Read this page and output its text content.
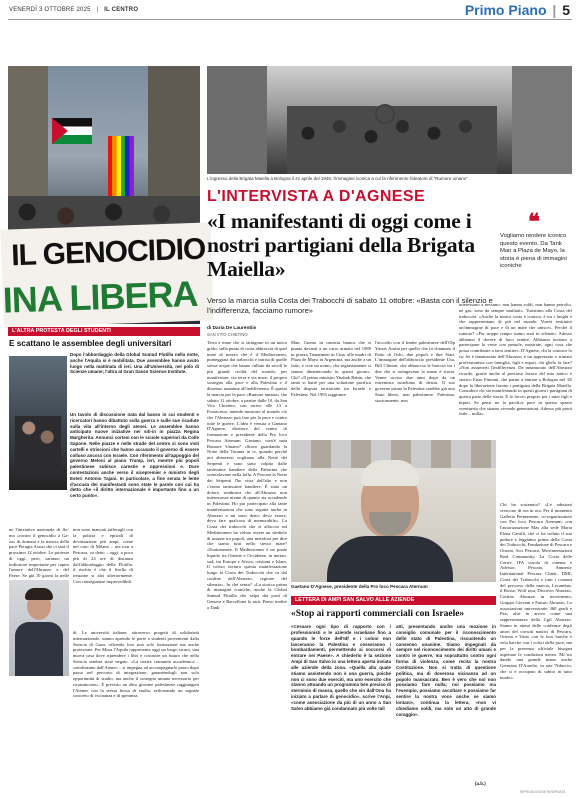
VENERDÌ 3 OTTOBRE 2025 | IL CENTRO	Primo Piano | 5
IL GENOCIDIO
INA LIBERA
L'ALTRA PROTESTA DEGLI STUDENTI
E scattano le assemblee degli universitari
Dopo l'abbordaggio della Global Sumud Flotilla nella notte, anche l'Aquila si è mobilitata. Due assemblee hanno avuto luogo nella mattinata di ieri. Una all'Università, nel polo di Scienze umane; l'altra al Gran Sasso Science Institute.
Un tavolo di discussione nata dal basso in cui studenti e ricercatori hanno dibattuto sulla guerra e sulle sue ricadute sulla vita all'interno degli atenei. Le assemblee hanno anticipato nuove iniziative nei siti-in in piazza Regina Margherita. Annunci cortesi con le scuole superiori da Colle Sapone. Nelle piazze e nelle strade del centro si sono visti cartelli e striscioni che hanno accusato il governo di essere colluso ancora con Israele. Con riferimento all'appoggio del governo Meloni al piano Trump, ieri, mentre più popoli palestinese subisce carestie e oppressioni e. Dure contestazioni anche verso il vicepremier e ministro degli Esteri Antonio Tajani. In particolare, a fine serata le lente d'accusa dei manifestanti sono state le parole con cui ha detto che «il diritto internazionale è importante fino a un certo punto».
ne l'iniziativa nazionale di flo-ma «contro il genocidio a Ga-za» di domani e la marcia della pace Perugia Assisi che ci sarà il prossimo 12 ottobre. Le proteste di oggi, però, saranno un indicatore importante per capire l'umore dell'Abruzzo e del Paese. Se già 10 giorni fa nelle
non sono mancati tafferugli con la polizia e episodi di devastazione più ampi, come nel caso di Milano – ma non a Pescara, va detto – oggi, a poco più di 24 ore di distanza dall'abbordaggio della Flotilla, il rischio è che il livello di tensione si alzi ulteriormente. Con conseguenze imprevedibili.
di. Le università italiane, attraverso progetti di solidarietà internazionale, stanno aprendo le porte a studenti provenienti dalla Striscia di Gaza, offrendo loro non solo formazione ma anche protezione. Per Mosa l'Aquila rappresenta oggi un luogo sicuro, una nuova casa dove riprendere i libri e costruire un futuro che nella Striscia sembra stato negato. «La nostra comunità accademica – sottolineano dall'Ateneo – si impegna ad accompagnarlo passo dopo passo nel percorso di integrazione, garantendogli non solo opportunità di studio, ma anche il sostegno umano necessario per ricominciare». È previsto un altro giovane palestinese raggiungerà l'Ateneo con la stessa borsa di studio, rafforzando un segnale concreto di vicinanza e di speranza.
L'ingresso della Brigata Maiella a Bologna il 21 aprile del 1945: l'immagine iconica a cui fa riferimento l'ideatore di "Rumore umano"
L'INTERVISTA A D'AGNESE
«I manifestanti di oggi come i nostri partigiani della Brigata Maiella»
❝
Vogliamo rendere iconico questo evento. Da Tank Man a Plaza de Mayo, la storia è piena di immagini iconiche
Verso la marcia sulla Costa dei Trabocchi di sabato 11 ottobre: «Basta con il silenzio e l'indifferenza, facciamo rumore»
di Daria De Laurentiis
SAN VITO CHIETINO
Terra e mare che si stringono in un unico grido, sulla punta di costa abbraccia di quel mare di mezzo che è il Mediterraneo, punteggiata dai trabocchi e intrisa di quelle stesse acque che hanno cullato da secoli le più grandi civiltà del mondo, per manifestare, via terra e via mare, il proprio sostegno alla pace e alla Palestina e il dissenso unanime all'indifferenza. È questa la marcia per la pace «Rumore umano» che sabato 11 ottobre, a partire dalle 10, da San Vito Chietino, con arrivo alle 13 a Fossacesia, intende mostrare al mondo ciò che l'Abruzzo può fare per la pace e contro tutte le guerre. L'idea è venuta a Gaetano D'Agnese, direttore del centro di formazione e presidente della Pro loco Pescara Aternum. Gaetano, com'è nata Rumore Umano? «Stavo guardando la Notte della Taranta in tv, quando perché noi abruzzesi vogliamo alla Notte dei Serpenti e sono stato colpito dalle tantissime bandiere della Palestina che sventolavano nella folla. A Pescara la Notte dei Serpenti l'ho vista dall'alto e non c'erano tantissime bandiere. È stato un dolore, sembrava che all'Abruzzo non interessasse niente di quanto sta accadendo in Palestina. Ho poi partecipato alla tante manifestazioni che sono seguite anche in Abruzzo e mi sono detto: devo essere, devo fare qualcosa di memorabile». La Costa dei trabocchi che si affaccia sul Mediterraneo ha voluto essere un simbolo di unione tra popoli, una metafora per dire che siamo tutti nello stesso mare? «Esattamente. Il Mediterraneo è un ponte liquido tra Oriente e Occidente, in mezzo, sud, tra Europa e Africa, cristiani e Islam. Il coloro faciuro questa manifestazione lungo la Costa dei Trabocchi che va dal confine dell'Abruzzo, regione del silenzio». In che senso? «La storica prima di immagini iconiche, anche la Global Sumud Flotilla che salpa dai porti di Genova e Barcellona lo sarà. Penso inoltre a Tank
Man, l'uomo in camicia bianca che si pianta davanti a un carro armato nel 1989 in piazza Tienanmen in Cina, alle madri di Plaza de Mayo in Argentina, ma anche a un fatto, e cioè un uomo, che ingiustamente si stanno dimenticando in questi giorni». Chi? «Il primo ministro Yitzhak Rabin, che tanto si battè per una soluzione pacifica della disputa territoriale tra Israele e Palestina. Nel 1993 raggiunse
l'accordo con il leader palestinese dell'Olp Yasser Arafat per quello che fu chiamato il Patto di Oslo, due popoli e due Stati. L'immagine dell'abbraccio presidente Usa, Bill Clinton, che abbraccia le braccia tra i due che si stringevano la mano è storia. Venne ucciso due anni dopo da un estremista israeliano di destra. Il suo governo prima la Palestina sarebbe già uno Stato libero, non palestinese. Palestina, storicamente, non
interessano a nessuno: non hanno soldi, non hanno petrolio, né gas, sono da sempre umiliati». Turistimo alla Costa del trabocchi. «Anche la nostra costa è iconica, è tra i luoghi e che rappresentano di più nel mondo. Vorrei restituire un'immagine di pace e di un mare che unisce». Perché il rumore? «Per troppo tempo siamo stati in silenzio. Adesso abbiamo il dovere di farci sentire. Abbiamo invitato a partecipare la veste con pentole, mostrate, ogni cosa che possa contribuire a farsi sentire». D'Agnese, chi la conosce lo sa: lei è innamorato dell'Abruzzo, è un apprezzato e stimato professionista con famiglia, figli e nipoti, chi glielo fa fare? «Non assumerti l'indifferenza. Da innamorato dell'Abruzzo ricordo, grazie anche al prezioso lavoro del mio amico e storico Enzo Fimiani, che parmi a entrare a Bologna nel '45 dopo la liberazione furono i partigiani della Brigata Maiella. Considero chi sta manifestando in questi giorni i partigiani di questa parte della storia. E lo faccio proprio per i miei figli e nipoti. Se pensi no la pacifica pace in questo spazio sventurata che stiamo vivendo generazioni. Adesso più potrà farle... nulla».
Chi ha sostenuto? «Le adesioni crescono di ora in ora. Per il momento Galleria Permanente, co-organizzatore con Pro loco Pescara Aternum, con l'autorizzazione Mas alla sede Maria Elena Carulli, che ci ha ceduto il suo pudore e leggiamo prima della Costa dei Trabocchi, Fondazione di Pescara e Ortona, Arci Pescara, Movimentazioni Real Community, La Costa delle Cerrie, IFA scuola di cinema e Advisor, Pescara, Amnesty International Pescara Chieti, DMC Costa dei Trabocchi e tutti i comuni del percorso della marcia, Lecambus, il Rosso, Wolf tour, Discover Abruzzo, Cortino Abruzzo in movimento, Gruppo Giovani e Futuro Abruzzo. Le associazioni universitarie 360 gradi e Pax, altri in arrivo come una rappresentanza della Cgil Abruzzo. Siamo in attesa delle conferme degli attori del circuiti nautici di Pescara, Ortona e Vasto con le loro barche e vela barche con i colori della pace, ma per la presenza ufficiale bisogna aspettare le condizioni meteo. Mi sto dando una grande mano anche Germano D'Aurelio, in arte 'Nduccio, che si è occupato di sabito in tutto modo».
Gaetano D'Agnese, presidente della Pro loco Pescara Aternum
LETTERA DI AMPI SAN SALVO ALLE AZIENDE
«Stop ai rapporti commerciali con Israele»
«Cessare ogni tipo di rapporto con i professionisti e le aziende israeliane fino a quando le forze dell'Idf e i coloni non lasceranno la Palestina e cesseranno i bombardamenti, permettendo ai soccorsi di entrare nei Paese». A chiederlo è la sezione Ampi di San Salvo in una lettera aperta inviata alle aziende della zona. «Quella alla quale stiamo assistendo non è una guerra, poiché non ci sono due eserciti, ma uno esercito che stanno attuando un programma ben preciso di sterminio di massa, quello che sin dall'Onu ha iniziato a parlare di genocidio», scrive l'Anpi, «come associazione da più di un anno a San Salvo abbiamo già condannato più volte tali
atti, presentando anche una mozione in consiglio comunale per il riconoscimento dello stato di Palestina, riscuotendo un consenso unanime. Siamo impegnati da sempre nel riconoscimento dei diritti umani e contro le guerre, ma soprattutto contro ogni forma di violenza, come recita la nostra Costituzione. Non si tratta di questione politica, ma di doverosa vicinanza ad un popolo massacrato. Ben è vero che noi non possiamo fare nulla; noi possiamo ma l'esempio, possiamo ascoltare e possiamo far sentire la nostra voce anche se siamo lontani», continua la lettera, «non vi chiediamo soldi, ma solo un atto di grande coraggio».
(a.b.)
RIPRODUZIONE RISERVATA
